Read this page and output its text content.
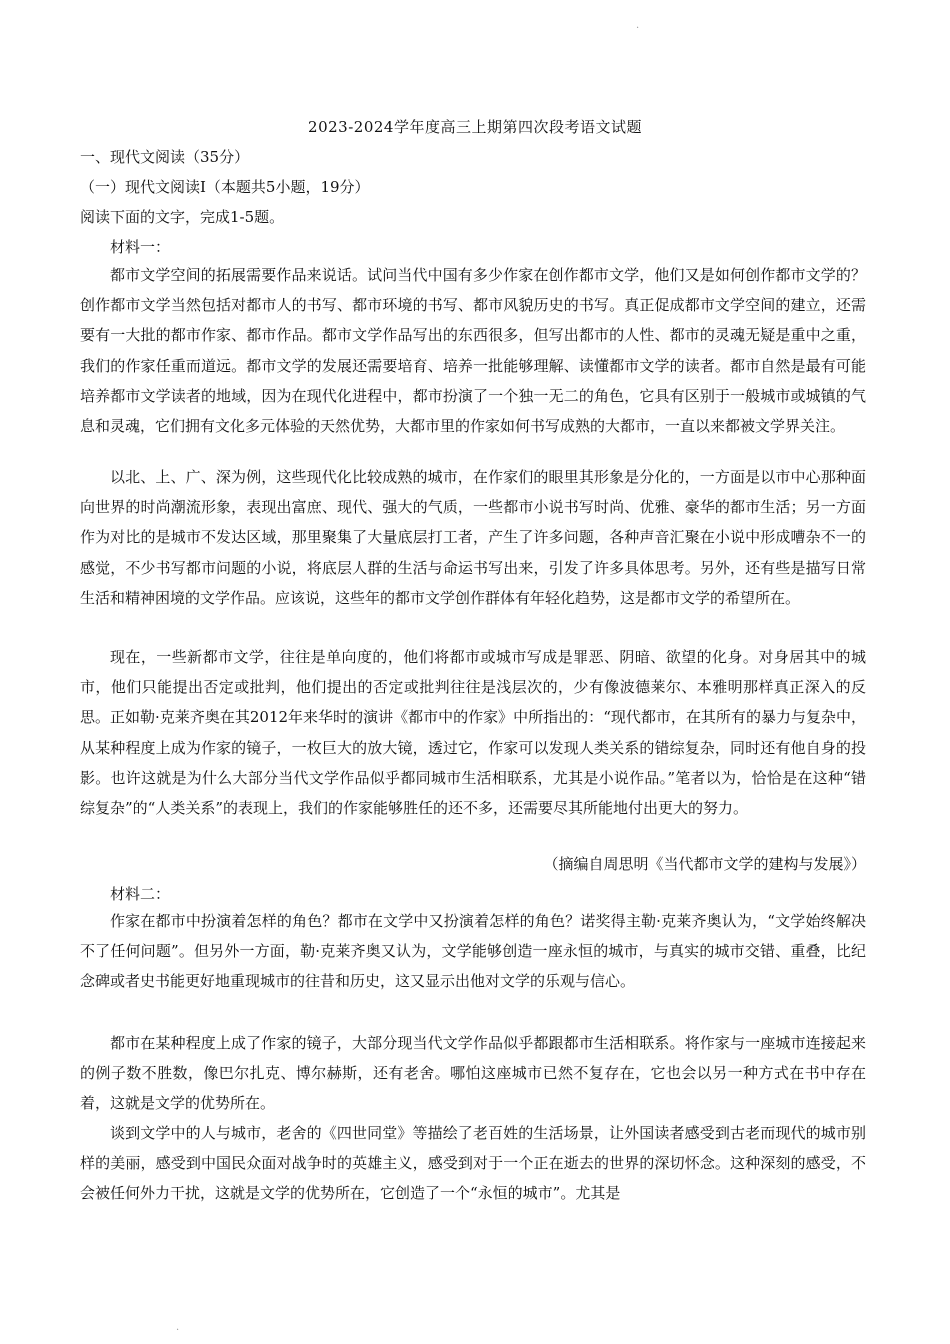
.
2023-2024学年度高三上期第四次段考语文试题
一、现代文阅读（35分）
（一）现代文阅读Ⅰ（本题共5小题，19分）
阅读下面的文字，完成1-5题。
材料一：
都市文学空间的拓展需要作品来说话。试问当代中国有多少作家在创作都市文学，他们又是如何创作都市文学的？创作都市文学当然包括对都市人的书写、都市环境的书写、都市风貌历史的书写。真正促成都市文学空间的建立，还需要有一大批的都市作家、都市作品。都市文学作品写出的东西很多，但写出都市的人性、都市的灵魂无疑是重中之重，我们的作家任重而道远。都市文学的发展还需要培育、培养一批能够理解、读懂都市文学的读者。都市自然是最有可能培养都市文学读者的地域，因为在现代化进程中，都市扮演了一个独一无二的角色，它具有区别于一般城市或城镇的气息和灵魂，它们拥有文化多元体验的天然优势，大都市里的作家如何书写成熟的大都市，一直以来都被文学界关注。
以北、上、广、深为例，这些现代化比较成熟的城市，在作家们的眼里其形象是分化的，一方面是以市中心那种面向世界的时尚潮流形象，表现出富庶、现代、强大的气质，一些都市小说书写时尚、优雅、豪华的都市生活；另一方面作为对比的是城市不发达区域，那里聚集了大量底层打工者，产生了许多问题，各种声音汇聚在小说中形成嘈杂不一的感觉，不少书写都市问题的小说，将底层人群的生活与命运书写出来，引发了许多具体思考。另外，还有些是描写日常生活和精神困境的文学作品。应该说，这些年的都市文学创作群体有年轻化趋势，这是都市文学的希望所在。
现在，一些新都市文学，往往是单向度的，他们将都市或城市写成是罪恶、阴暗、欲望的化身。对身居其中的城市，他们只能提出否定或批判，他们提出的否定或批判往往是浅层次的，少有像波德莱尔、本雅明那样真正深入的反思。正如勒·克莱齐奥在其2012年来华时的演讲《都市中的作家》中所指出的：“现代都市，在其所有的暴力与复杂中，从某种程度上成为作家的镜子，一枚巨大的放大镜，透过它，作家可以发现人类关系的错综复杂，同时还有他自身的投影。也许这就是为什么大部分当代文学作品似乎都同城市生活相联系，尤其是小说作品。”笔者以为，恰恰是在这种“错综复杂”的“人类关系”的表现上，我们的作家能够胜任的还不多，还需要尽其所能地付出更大的努力。
（摘编自周思明《当代都市文学的建构与发展》）
材料二：
作家在都市中扮演着怎样的角色？都市在文学中又扮演着怎样的角色？诺奖得主勒·克莱齐奥认为，“文学始终解决不了任何问题”。但另外一方面，勒·克莱齐奥又认为，文学能够创造一座永恒的城市，与真实的城市交错、重叠，比纪念碑或者史书能更好地重现城市的往昔和历史，这又显示出他对文学的乐观与信心。
都市在某种程度上成了作家的镜子，大部分现当代文学作品似乎都跟都市生活相联系。将作家与一座城市连接起来的例子数不胜数，像巴尔扎克、博尔赫斯，还有老舍。哪怕这座城市已然不复存在，它也会以另一种方式在书中存在着，这就是文学的优势所在。
谈到文学中的人与城市，老舍的《四世同堂》等描绘了老百姓的生活场景，让外国读者感受到古老而现代的城市别样的美丽，感受到中国民众面对战争时的英雄主义，感受到对于一个正在逝去的世界的深切怀念。这种深刻的感受，不会被任何外力干扰，这就是文学的优势所在，它创造了一个“永恒的城市”。尤其是
.
